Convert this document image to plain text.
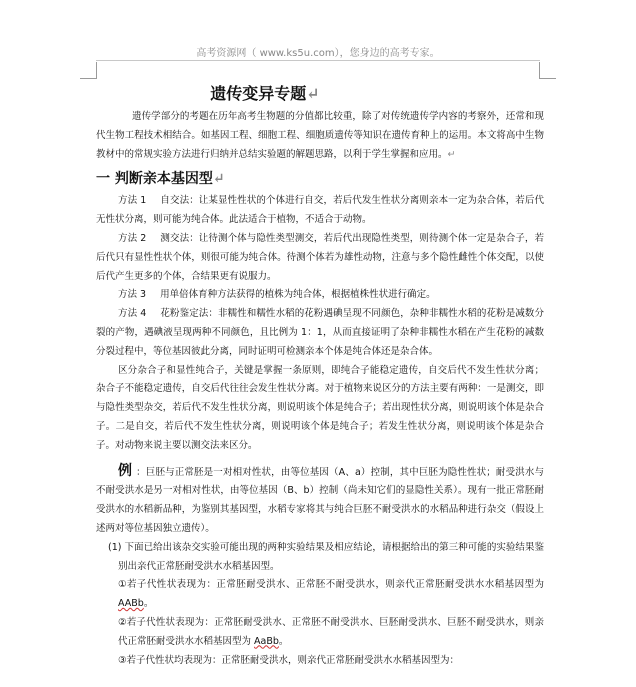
高考资源网（ www.ks5u.com），您身边的高考专家。
遗传变异专题↵

遗传学部分的考题在历年高考生物题的分值都比较重，除了对传统遗传学内容的考察外，还常和现代生物工程技术相结合。如基因工程、细胞工程、细胞质遗传等知识在遗传育种上的运用。本文将高中生物教材中的常规实验方法进行归纳并总结实验题的解题思路，以利于学生掌握和应用。↵

一 判断亲本基因型↵

方法 1 自交法：让某显性性状的个体进行自交，若后代发生性状分离则亲本一定为杂合体，若后代无性状分离，则可能为纯合体。此法适合于植物，不适合于动物。

方法 2 测交法：让待测个体与隐性类型测交，若后代出现隐性类型，则待测个体一定是杂合子，若后代只有显性性状个体，则很可能为纯合体。待测个体若为雄性动物，注意与多个隐性雌性个体交配，以使后代产生更多的个体，合结果更有说服力。

方法 3 用单倍体育种方法获得的植株为纯合体，根据植株性状进行确定。

方法 4 花粉鉴定法：非糯性和糯性水稻的花粉遇碘呈现不同颜色，杂种非糯性水稻的花粉是减数分裂的产物，遇碘液呈现两种不同颜色，且比例为 1：1，从而直接证明了杂种非糯性水稻在产生花粉的减数分裂过程中，等位基因彼此分离，同时证明可检测亲本个体是纯合体还是杂合体。

区分杂合子和显性纯合子，关键是掌握一条原则，即纯合子能稳定遗传，自交后代不发生性状分离；杂合子不能稳定遗传，自交后代往往会发生性状分离。对于植物来说区分的方法主要有两种：一是测交，即与隐性类型杂交，若后代不发生性状分离，则说明该个体是纯合子；若出现性状分离，则说明该个体是杂合子。二是自交，若后代不发生性状分离，则说明该个体是纯合子；若发生性状分离，则说明该个体是杂合子。对动物来说主要以测交法来区分。

例 ：巨胚与正常胚是一对相对性状，由等位基因（A、a）控制，其中巨胚为隐性性状；耐受洪水与不耐受洪水是另一对相对性状，由等位基因（B、b）控制（尚未知它们的显隐性关系）。现有一批正常胚耐受洪水的水稻新品种，为鉴别其基因型，水稻专家将其与纯合巨胚不耐受洪水的水稻品种进行杂交（假设上述两对等位基因独立遗传）。

(1) 下面已给出该杂交实验可能出现的两种实验结果及相应结论，请根据给出的第三种可能的实验结果鉴别出亲代正常胚耐受洪水水稻基因型。

①若子代性状表现为：正常胚耐受洪水、正常胚不耐受洪水，则亲代正常胚耐受洪水水稻基因型为 AABb。

②若子代性状表现为：正常胚耐受洪水、正常胚不耐受洪水、巨胚耐受洪水、巨胚不耐受洪水，则亲代正常胚耐受洪水水稻基因型为 AaBb。

③若子代性状均表现为：正常胚耐受洪水，则亲代正常胚耐受洪水水稻基因型为：
